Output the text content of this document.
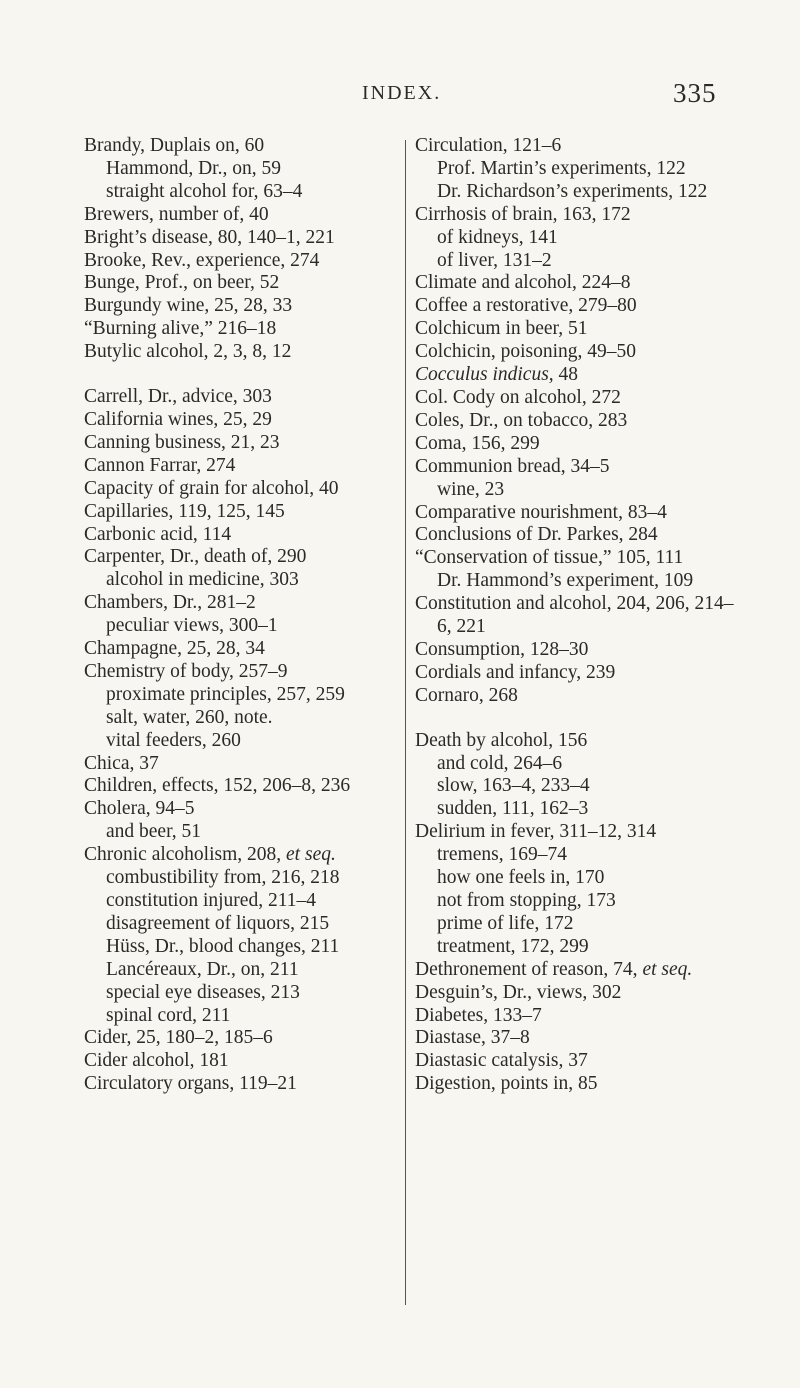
INDEX.	335
Brandy, Duplais on, 60
Hammond, Dr., on, 59
straight alcohol for, 63–4
Brewers, number of, 40
Bright’s disease, 80, 140–1, 221
Brooke, Rev., experience, 274
Bunge, Prof., on beer, 52
Burgundy wine, 25, 28, 33
“Burning alive,” 216–18
Butylic alcohol, 2, 3, 8, 12
Carrell, Dr., advice, 303
California wines, 25, 29
Canning business, 21, 23
Cannon Farrar, 274
Capacity of grain for alcohol, 40
Capillaries, 119, 125, 145
Carbonic acid, 114
Carpenter, Dr., death of, 290
alcohol in medicine, 303
Chambers, Dr., 281–2
peculiar views, 300–1
Champagne, 25, 28, 34
Chemistry of body, 257–9
proximate principles, 257, 259
salt, water, 260, note.
vital feeders, 260
Chica, 37
Children, effects, 152, 206–8, 236
Cholera, 94–5
and beer, 51
Chronic alcoholism, 208, et seq.
combustibility from, 216, 218
constitution injured, 211–4
disagreement of liquors, 215
Hüss, Dr., blood changes, 211
Lancéreaux, Dr., on, 211
special eye diseases, 213
spinal cord, 211
Cider, 25, 180–2, 185–6
Cider alcohol, 181
Circulatory organs, 119–21
Circulation, 121–6
Prof. Martin’s experiments, 122
Dr. Richardson’s experiments, 122
Cirrhosis of brain, 163, 172
of kidneys, 141
of liver, 131–2
Climate and alcohol, 224–8
Coffee a restorative, 279–80
Colchicum in beer, 51
Colchicin, poisoning, 49–50
Cocculus indicus, 48
Col. Cody on alcohol, 272
Coles, Dr., on tobacco, 283
Coma, 156, 299
Communion bread, 34–5
wine, 23
Comparative nourishment, 83–4
Conclusions of Dr. Parkes, 284
“Conservation of tissue,” 105, 111
Dr. Hammond’s experiment, 109
Constitution and alcohol, 204, 206, 214–6, 221
Consumption, 128–30
Cordials and infancy, 239
Cornaro, 268
Death by alcohol, 156
and cold, 264–6
slow, 163–4, 233–4
sudden, 111, 162–3
Delirium in fever, 311–12, 314
tremens, 169–74
how one feels in, 170
not from stopping, 173
prime of life, 172
treatment, 172, 299
Dethronement of reason, 74, et seq.
Desguin’s, Dr., views, 302
Diabetes, 133–7
Diastase, 37–8
Diastasic catalysis, 37
Digestion, points in, 85
